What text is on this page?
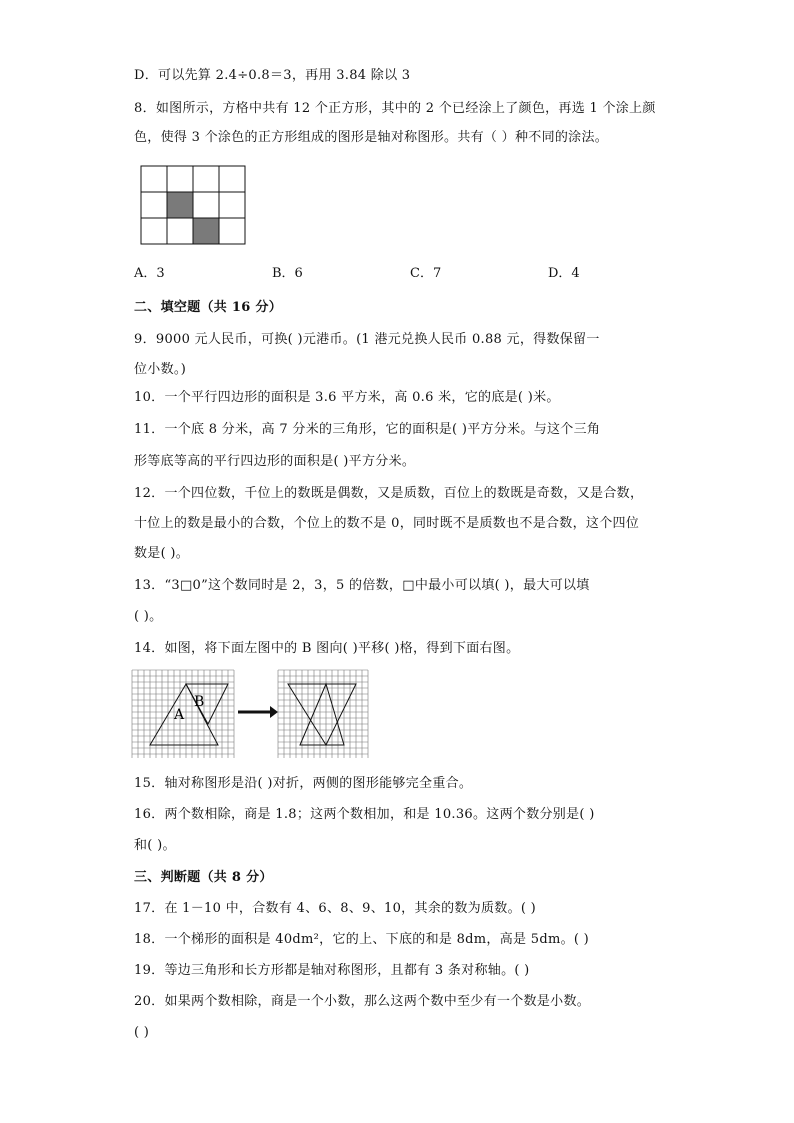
D．可以先算 2.4÷0.8＝3，再用 3.84 除以 3
8．如图所示，方格中共有 12 个正方形，其中的 2 个已经涂上了颜色，再选 1 个涂上颜
色，使得 3 个涂色的正方形组成的图形是轴对称图形。共有（ ）种不同的涂法。
A．3	B．6	C．7	D．4
二、填空题（共 16 分）
9．9000 元人民币，可换( )元港币。(1 港元兑换人民币 0.88 元，得数保留一
位小数。)
10．一个平行四边形的面积是 3.6 平方米，高 0.6 米，它的底是( )米。
11．一个底 8 分米，高 7 分米的三角形，它的面积是( )平方分米。与这个三角
形等底等高的平行四边形的面积是( )平方分米。
12．一个四位数，千位上的数既是偶数，又是质数，百位上的数既是奇数，又是合数，
十位上的数是最小的合数，个位上的数不是 0，同时既不是质数也不是合数，这个四位
数是( )。
13．“3□0”这个数同时是 2，3，5 的倍数，□中最小可以填( )，最大可以填
( )。
14．如图，将下面左图中的 B 图向( )平移( )格，得到下面右图。
A
B
15．轴对称图形是沿( )对折，两侧的图形能够完全重合。
16．两个数相除，商是 1.8；这两个数相加，和是 10.36。这两个数分别是( )
和( )。
三、判断题（共 8 分）
17．在 1－10 中，合数有 4、6、8、9、10，其余的数为质数。( )
18．一个梯形的面积是 40dm²，它的上、下底的和是 8dm，高是 5dm。( )
19．等边三角形和长方形都是轴对称图形，且都有 3 条对称轴。( )
20．如果两个数相除，商是一个小数，那么这两个数中至少有一个数是小数。
( )
